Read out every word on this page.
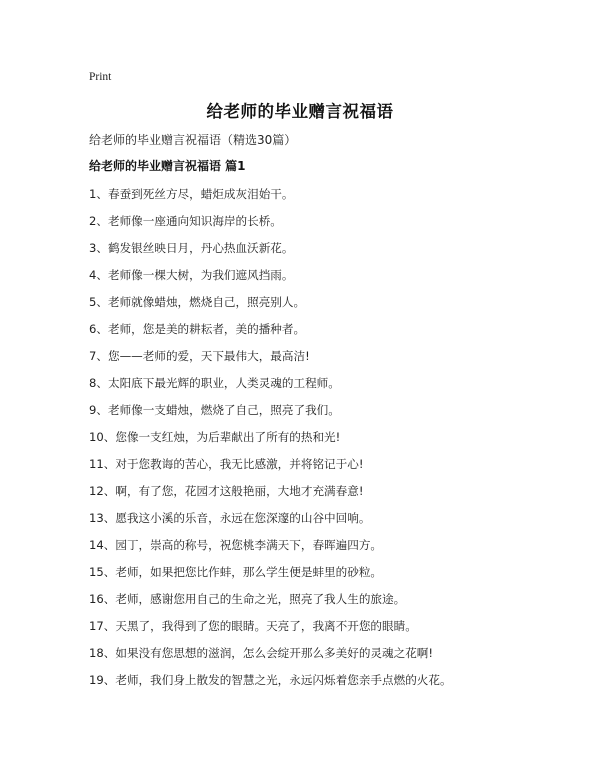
Print
给老师的毕业赠言祝福语
给老师的毕业赠言祝福语（精选30篇）
给老师的毕业赠言祝福语 篇1
1、春蚕到死丝方尽，蜡炬成灰泪始干。
2、老师像一座通向知识海岸的长桥。
3、鹤发银丝映日月，丹心热血沃新花。
4、老师像一棵大树，为我们遮风挡雨。
5、老师就像蜡烛，燃烧自己，照亮别人。
6、老师，您是美的耕耘者，美的播种者。
7、您——老师的爱，天下最伟大，最高洁!
8、太阳底下最光辉的职业，人类灵魂的工程师。
9、老师像一支蜡烛，燃烧了自己，照亮了我们。
10、您像一支红烛，为后辈献出了所有的热和光!
11、对于您教诲的苦心，我无比感激，并将铭记于心!
12、啊，有了您，花园才这般艳丽，大地才充满春意!
13、愿我这小溪的乐音，永远在您深邃的山谷中回响。
14、园丁，崇高的称号，祝您桃李满天下，春晖遍四方。
15、老师，如果把您比作蚌，那么学生便是蚌里的砂粒。
16、老师，感谢您用自己的生命之光，照亮了我人生的旅途。
17、天黑了，我得到了您的眼睛。天亮了，我离不开您的眼睛。
18、如果没有您思想的滋润，怎么会绽开那么多美好的灵魂之花啊!
19、老师，我们身上散发的智慧之光，永远闪烁着您亲手点燃的火花。
